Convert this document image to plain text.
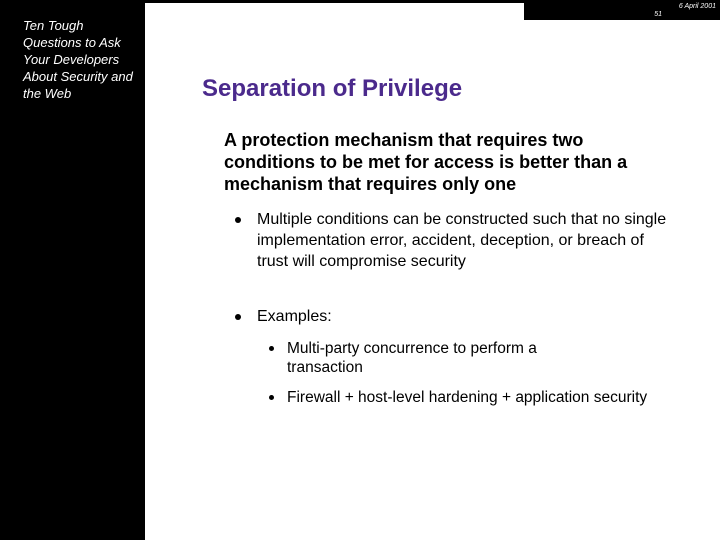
Ten Tough Questions to Ask Your Developers About Security and the Web
6 April 2001
51
Separation of Privilege
A protection mechanism that requires two conditions to be met for access is better than a mechanism that requires only one
Multiple conditions can be constructed such that no single implementation error, accident, deception, or breach of trust will compromise security
Examples:
Multi-party concurrence to perform a transaction
Firewall + host-level hardening + application security
